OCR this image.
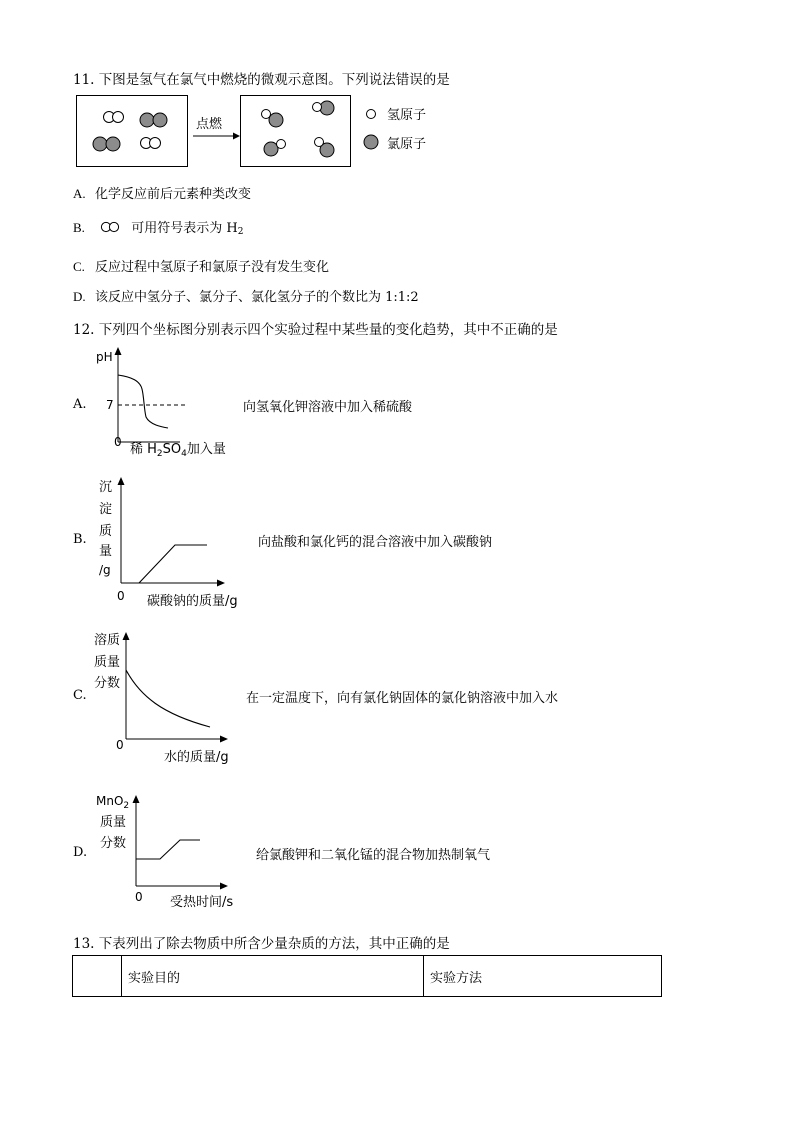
11. 下图是氢气在氯气中燃烧的微观示意图。下列说法错误的是
点燃
氢原子
氯原子
A. 化学反应前后元素种类改变
B.	可用符号表示为 $H_2$
C. 反应过程中氢原子和氯原子没有发生变化
D. 该反应中氢分子、氯分子、氯化氢分子的个数比为 1:1:2
12. 下列四个坐标图分别表示四个实验过程中某些量的变化趋势，其中不正确的是
A.
pH
7
0 稀 $H_2SO_4$加入量
向氢氧化钾溶液中加入稀硫酸
B.
沉
淀
质
量
/g
0 碳酸钠的质量/g
向盐酸和氯化钙的混合溶液中加入碳酸钠
C.
溶质
质量
分数
0
水的质量/g
在一定温度下，向有氯化钠固体的氯化钠溶液中加入水
D.
MnO$_2$
质量
分数
0 受热时间/s
给氯酸钾和二氧化锰的混合物加热制氧气
13. 下表列出了除去物质中所含少量杂质的方法，其中正确的是
	实验目的	实验方法
